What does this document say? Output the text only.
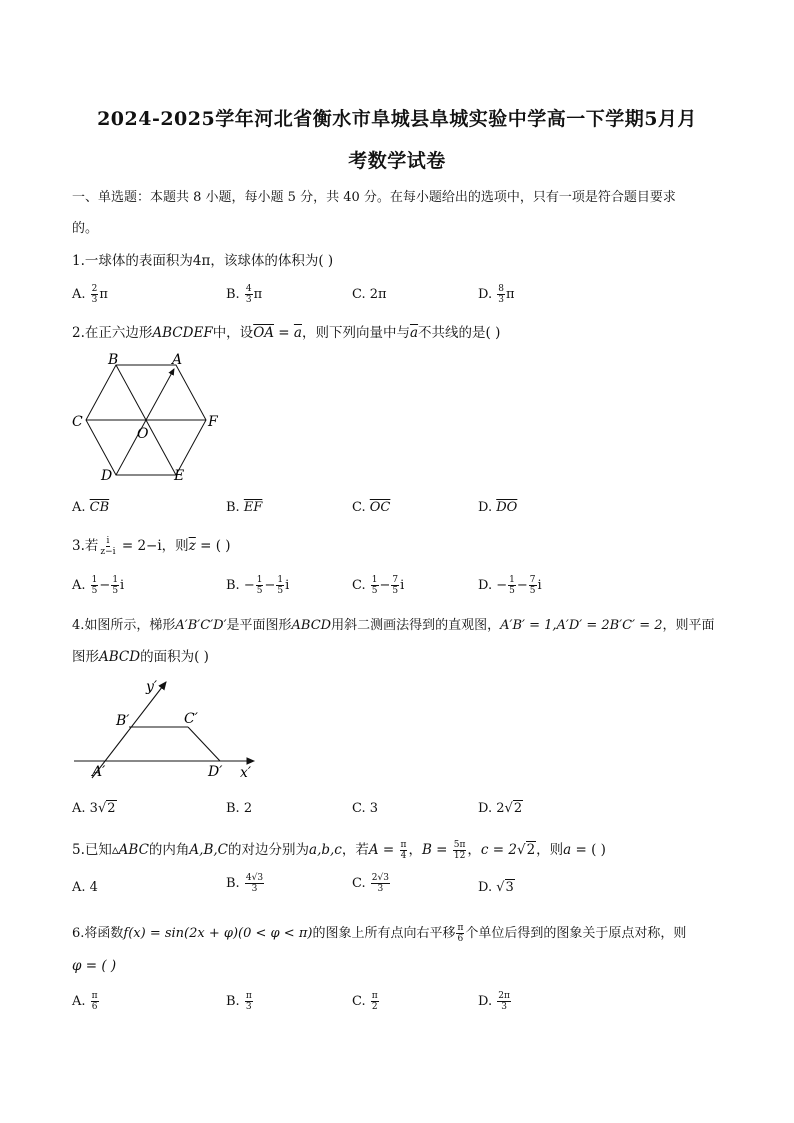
2024-2025学年河北省衡水市阜城县阜城实验中学高一下学期5月月
考数学试卷
一、单选题：本题共 8 小题，每小题 5 分，共 40 分。在每小题给出的选项中，只有一项是符合题目要求
的。
1.一球体的表面积为4π，该球体的体积为( )
A. $\frac{2}{3}$ π	B. $\frac{4}{3}$ π	C. 2π	D. $\frac{8}{3}$ π
2.在正六边形ABCDEF中，设$\overline{OA} = \overline{a}$，则下列向量中与$\overline{a}$不共线的是( )
B	A
C	F
O
D	E
A. $\overline{CB}$	B. $\overline{EF}$	C. $\overline{OC}$	D. $\overline{DO}$
3.若 $\frac{i}{z-i} = 2-i$，则$\overline{z}$ = ( )
A. $\frac{1}{5} - \frac{1}{5}$ i	B. − $\frac{1}{5} - \frac{1}{5}$ i	C. $\frac{1}{5} - \frac{7}{5}$ i	D. − $\frac{1}{5} - \frac{7}{5}$ i
4.如图所示，梯形A′B′C′D′是平面图形ABCD用斜二测画法得到的直观图，A′B′ = 1,A′D′ = 2B′C′ = 2，则平面
图形ABCD的面积为( )
y′
x′
B′	C′
A′	D′
A. 3√2	B. 2	C. 3	D. 2√2
5.已知▵ABC的内角A,B,C的对边分别为a,b,c，若$A = \frac{\pi}{4}$ ，$B = \frac{5\pi}{12}$ ，c = 2√2，则a = ( )
A. 4	B. $\frac{4√3}{3}$	C. $\frac{2√3}{3}$	D. √3
6.将函数f(x) = sin(2x + φ)(0 < φ < π)的图象上所有点向右平移 $\frac{\pi}{6}$ 个单位后得到的图象关于原点对称，则
φ = ( )
A. $\frac{\pi}{6}$	B. $\frac{\pi}{3}$	C. $\frac{\pi}{2}$	D. $\frac{2\pi}{3}$
